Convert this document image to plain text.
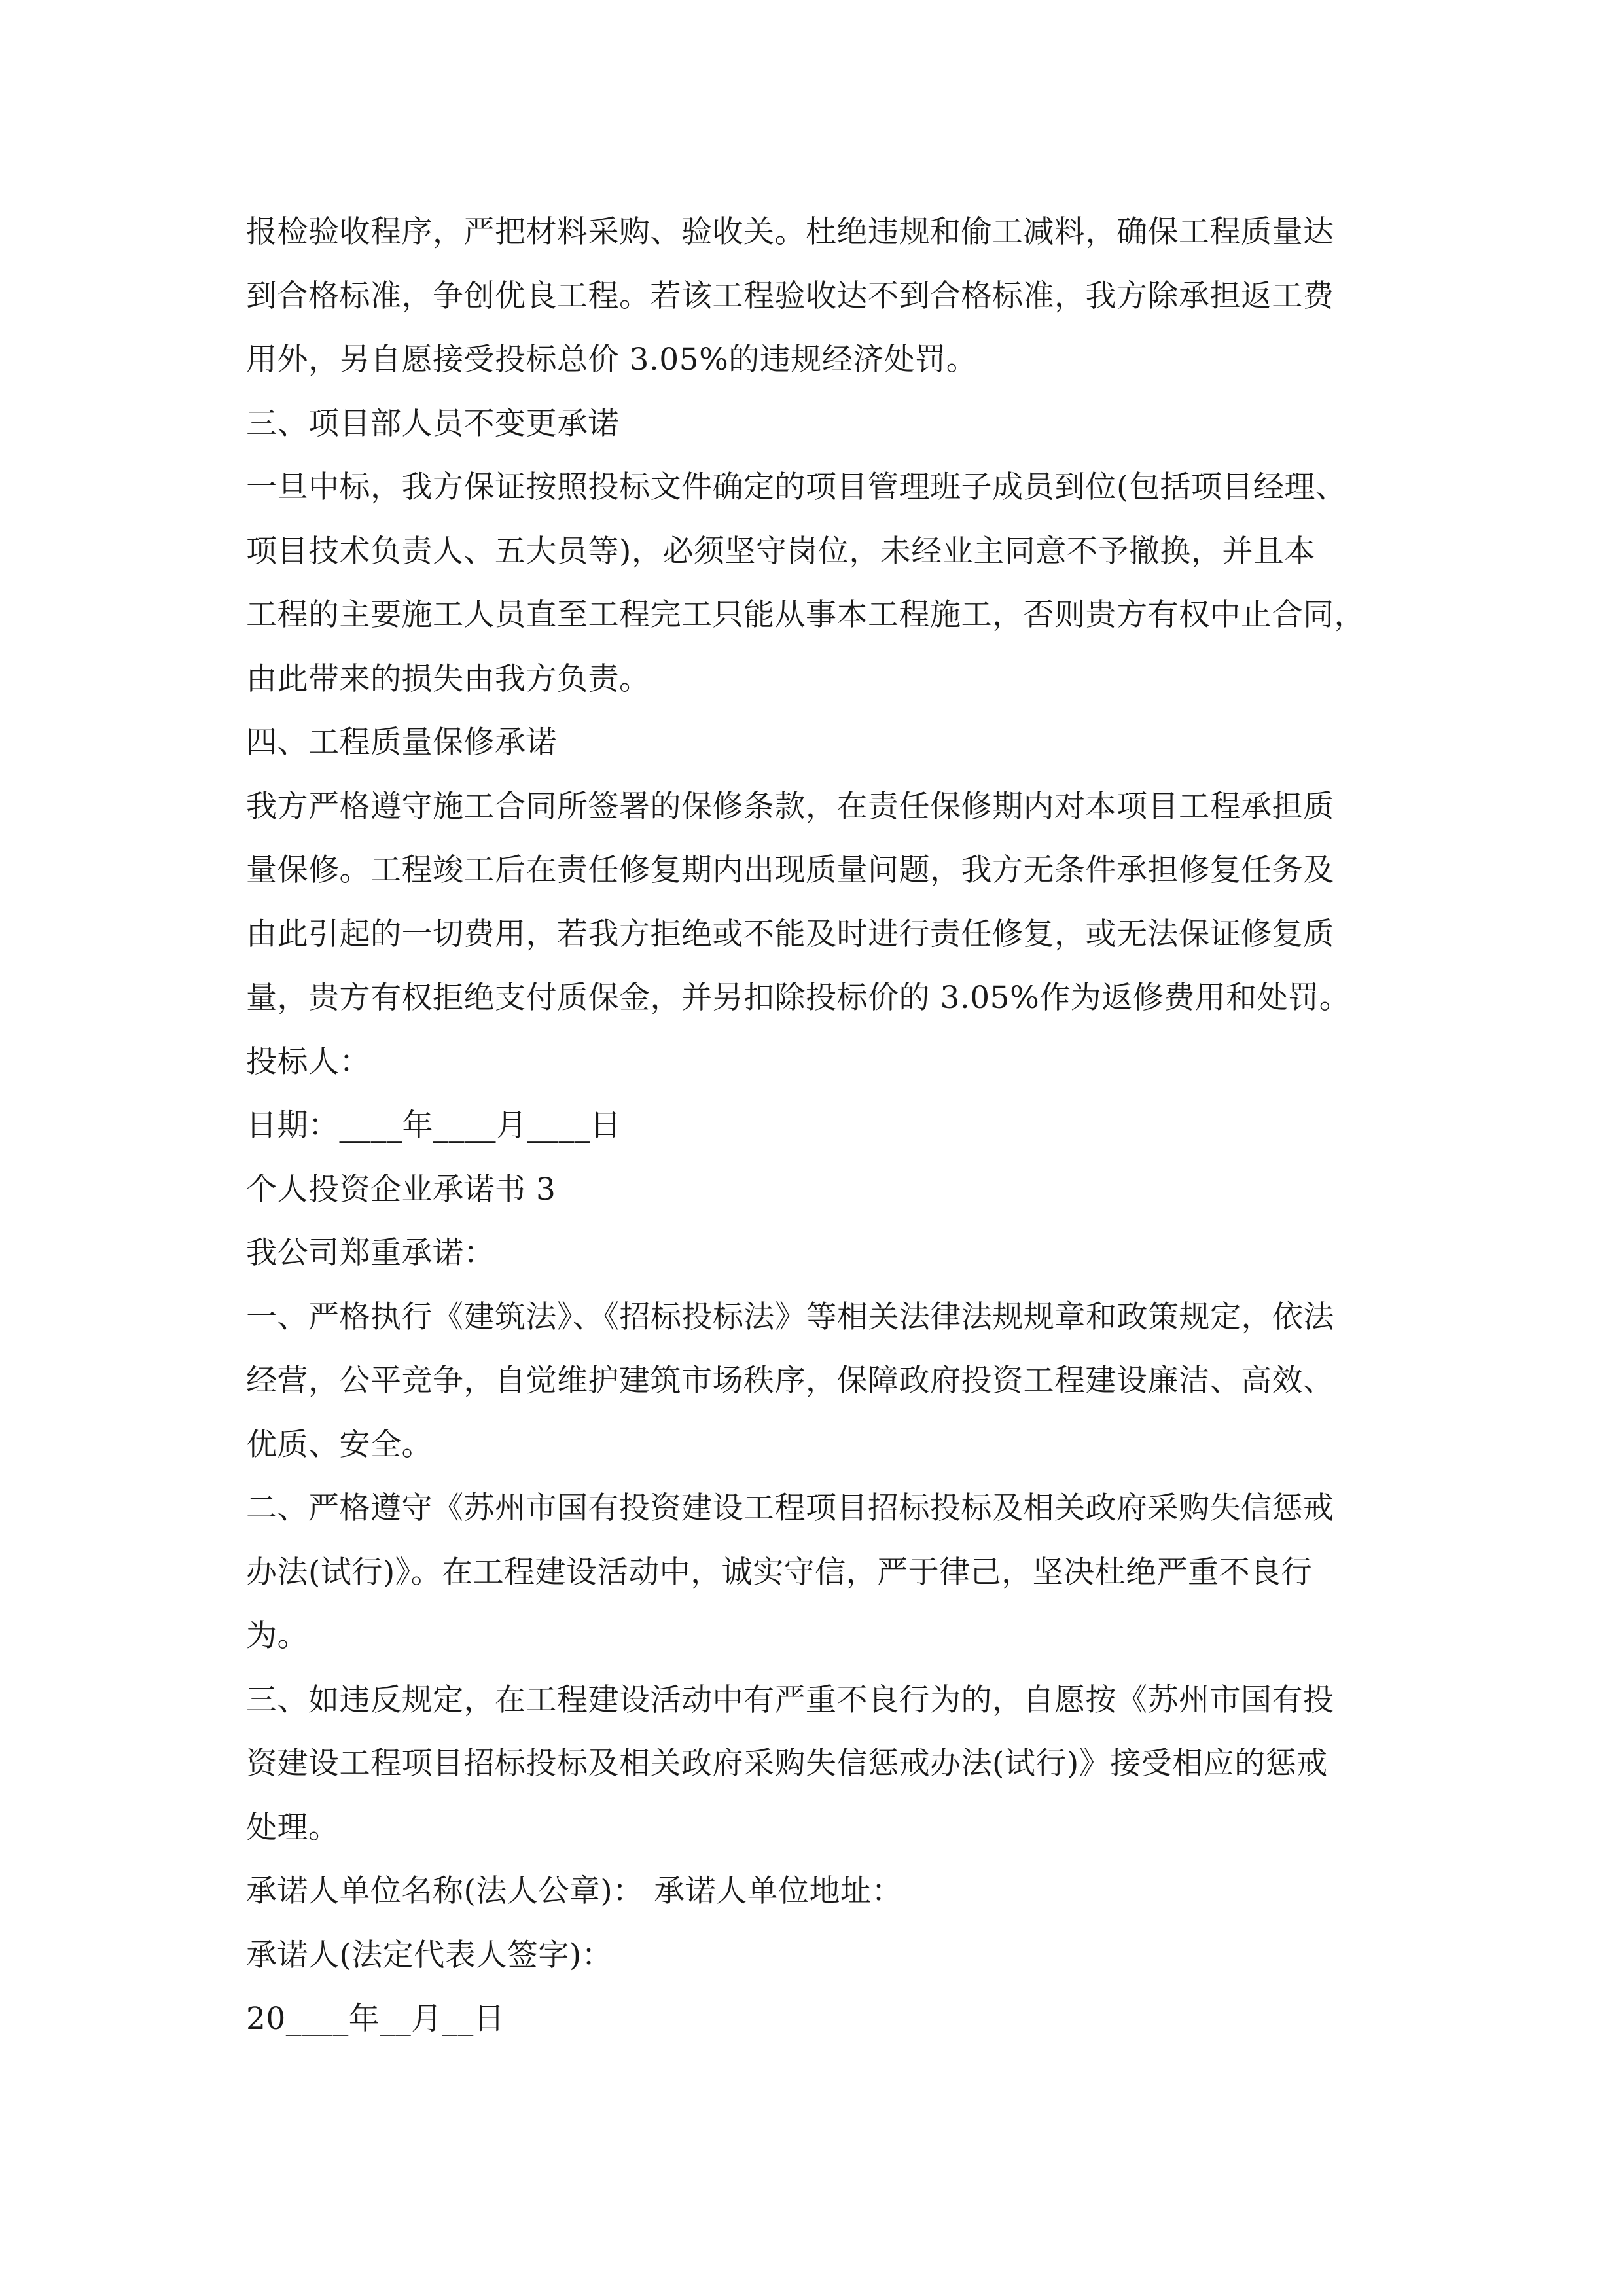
报检验收程序，严把材料采购、验收关。杜绝违规和偷工减料，确保工程质量达
到合格标准，争创优良工程。若该工程验收达不到合格标准，我方除承担返工费
用外，另自愿接受投标总价 3.05%的违规经济处罚。
三、项目部人员不变更承诺
一旦中标，我方保证按照投标文件确定的项目管理班子成员到位(包括项目经理、
项目技术负责人、五大员等)，必须坚守岗位，未经业主同意不予撤换，并且本
工程的主要施工人员直至工程完工只能从事本工程施工，否则贵方有权中止合同，
由此带来的损失由我方负责。
四、工程质量保修承诺
我方严格遵守施工合同所签署的保修条款，在责任保修期内对本项目工程承担质
量保修。工程竣工后在责任修复期内出现质量问题，我方无条件承担修复任务及
由此引起的一切费用，若我方拒绝或不能及时进行责任修复，或无法保证修复质
量，贵方有权拒绝支付质保金，并另扣除投标价的 3.05%作为返修费用和处罚。
投标人：
日期：____年____月____日
个人投资企业承诺书 3
我公司郑重承诺：
一、严格执行《建筑法》、《招标投标法》等相关法律法规规章和政策规定，依法
经营，公平竞争，自觉维护建筑市场秩序，保障政府投资工程建设廉洁、高效、
优质、安全。
二、严格遵守《苏州市国有投资建设工程项目招标投标及相关政府采购失信惩戒
办法(试行)》。在工程建设活动中，诚实守信，严于律己，坚决杜绝严重不良行
为。
三、如违反规定，在工程建设活动中有严重不良行为的，自愿按《苏州市国有投
资建设工程项目招标投标及相关政府采购失信惩戒办法(试行)》接受相应的惩戒
处理。
承诺人单位名称(法人公章)： 承诺人单位地址：
承诺人(法定代表人签字)：
20____年__月__日
